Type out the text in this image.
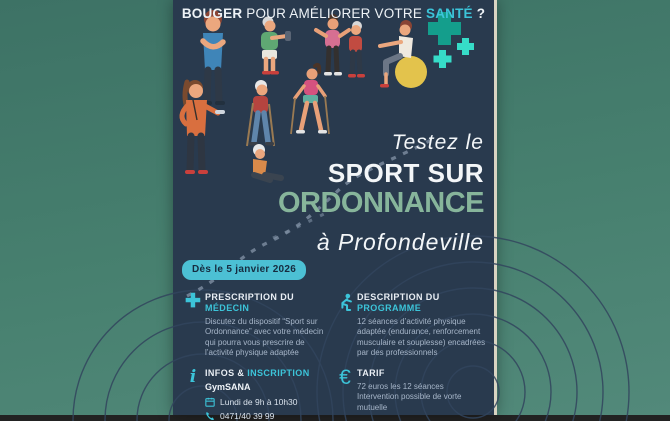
BOUGER POUR AMÉLIORER VOTRE SANTÉ ?
Testez le
SPORT SUR
ORDONNANCE
à Profondeville
Dès le 5 janvier 2026
✚ PRESCRIPTION DU MÉDECIN

Discutez du dispositif “Sport sur Ordonnance” avec votre médecin qui pourra vous prescrire de l’activité physique adaptée

i INFOS & INSCRIPTION
GymSANA
Lundi de 9h à 10h30
0471/40 39 99
DESCRIPTION DU PROGRAMME

12 séances d’activité physique adaptée (endurance, renforcement musculaire et souplesse) encadrées par des professionnels

€ TARIF

72 euros les 12 séances

Intervention possible de vorte mutuelle
